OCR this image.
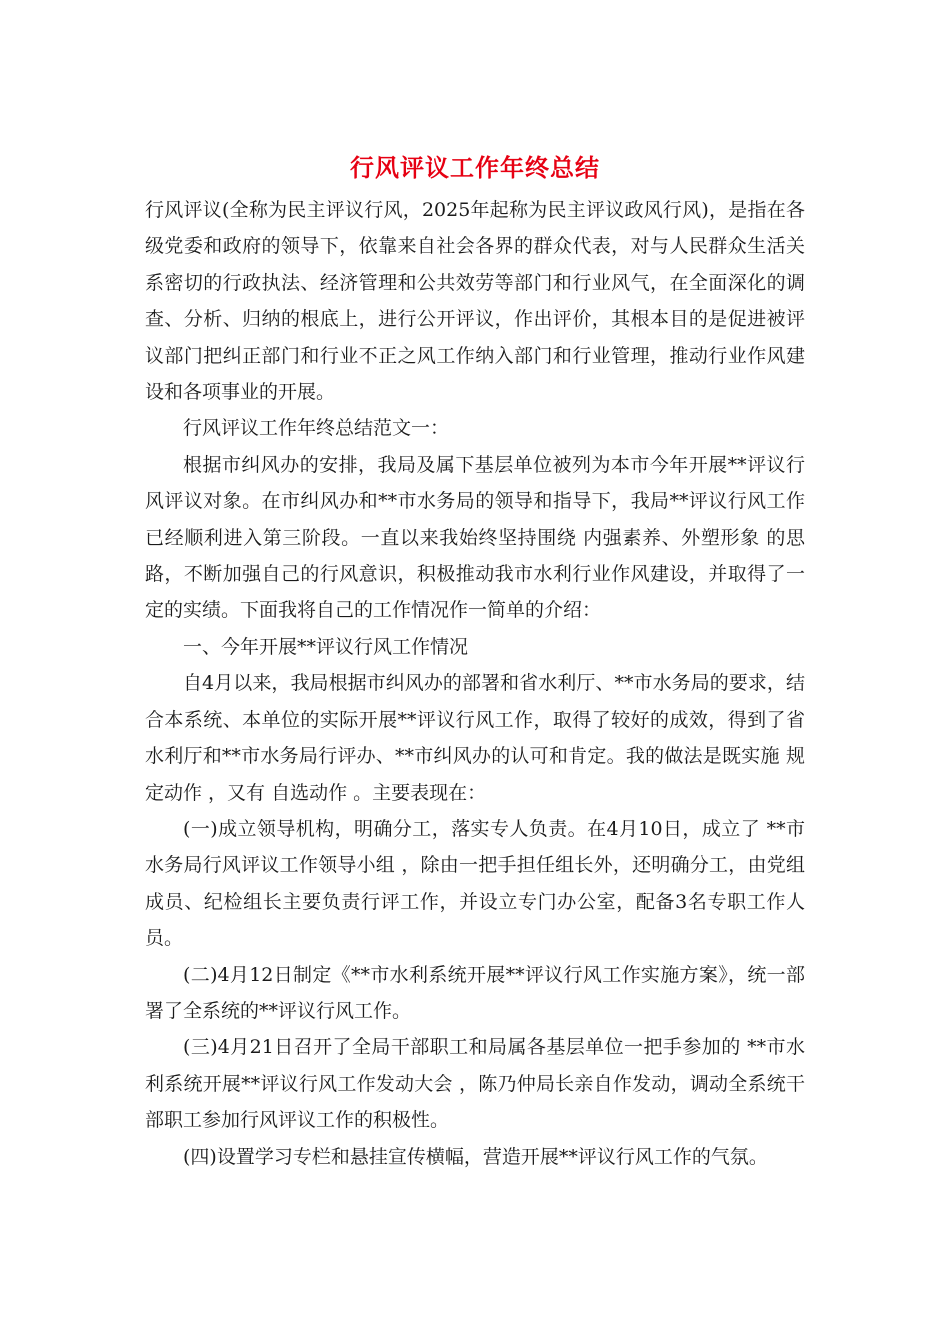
行风评议工作年终总结

行风评议(全称为民主评议行风，2025年起称为民主评议政风行风)，是指在各级党委和政府的领导下，依靠来自社会各界的群众代表，对与人民群众生活关系密切的行政执法、经济管理和公共效劳等部门和行业风气，在全面深化的调查、分析、归纳的根底上，进行公开评议，作出评价，其根本目的是促进被评议部门把纠正部门和行业不正之风工作纳入部门和行业管理，推动行业作风建设和各项事业的开展。

行风评议工作年终总结范文一：

根据市纠风办的安排，我局及属下基层单位被列为本市今年开展**评议行风评议对象。在市纠风办和**市水务局的领导和指导下，我局**评议行风工作已经顺利进入第三阶段。一直以来我始终坚持围绕 内强素养、外塑形象 的思路，不断加强自己的行风意识，积极推动我市水利行业作风建设，并取得了一定的实绩。下面我将自己的工作情况作一简单的介绍：

一、今年开展**评议行风工作情况

自4月以来，我局根据市纠风办的部署和省水利厅、**市水务局的要求，结合本系统、本单位的实际开展**评议行风工作，取得了较好的成效，得到了省水利厅和**市水务局行评办、**市纠风办的认可和肯定。我的做法是既实施 规定动作 ，又有 自选动作 。主要表现在：

(一)成立领导机构，明确分工，落实专人负责。在4月10日，成立了 **市水务局行风评议工作领导小组 ，除由一把手担任组长外，还明确分工，由党组成员、纪检组长主要负责行评工作，并设立专门办公室，配备3名专职工作人员。

(二)4月12日制定《**市水利系统开展**评议行风工作实施方案》，统一部署了全系统的**评议行风工作。

(三)4月21日召开了全局干部职工和局属各基层单位一把手参加的 **市水利系统开展**评议行风工作发动大会 ，陈乃仲局长亲自作发动，调动全系统干部职工参加行风评议工作的积极性。

(四)设置学习专栏和悬挂宣传横幅，营造开展**评议行风工作的气氛。
